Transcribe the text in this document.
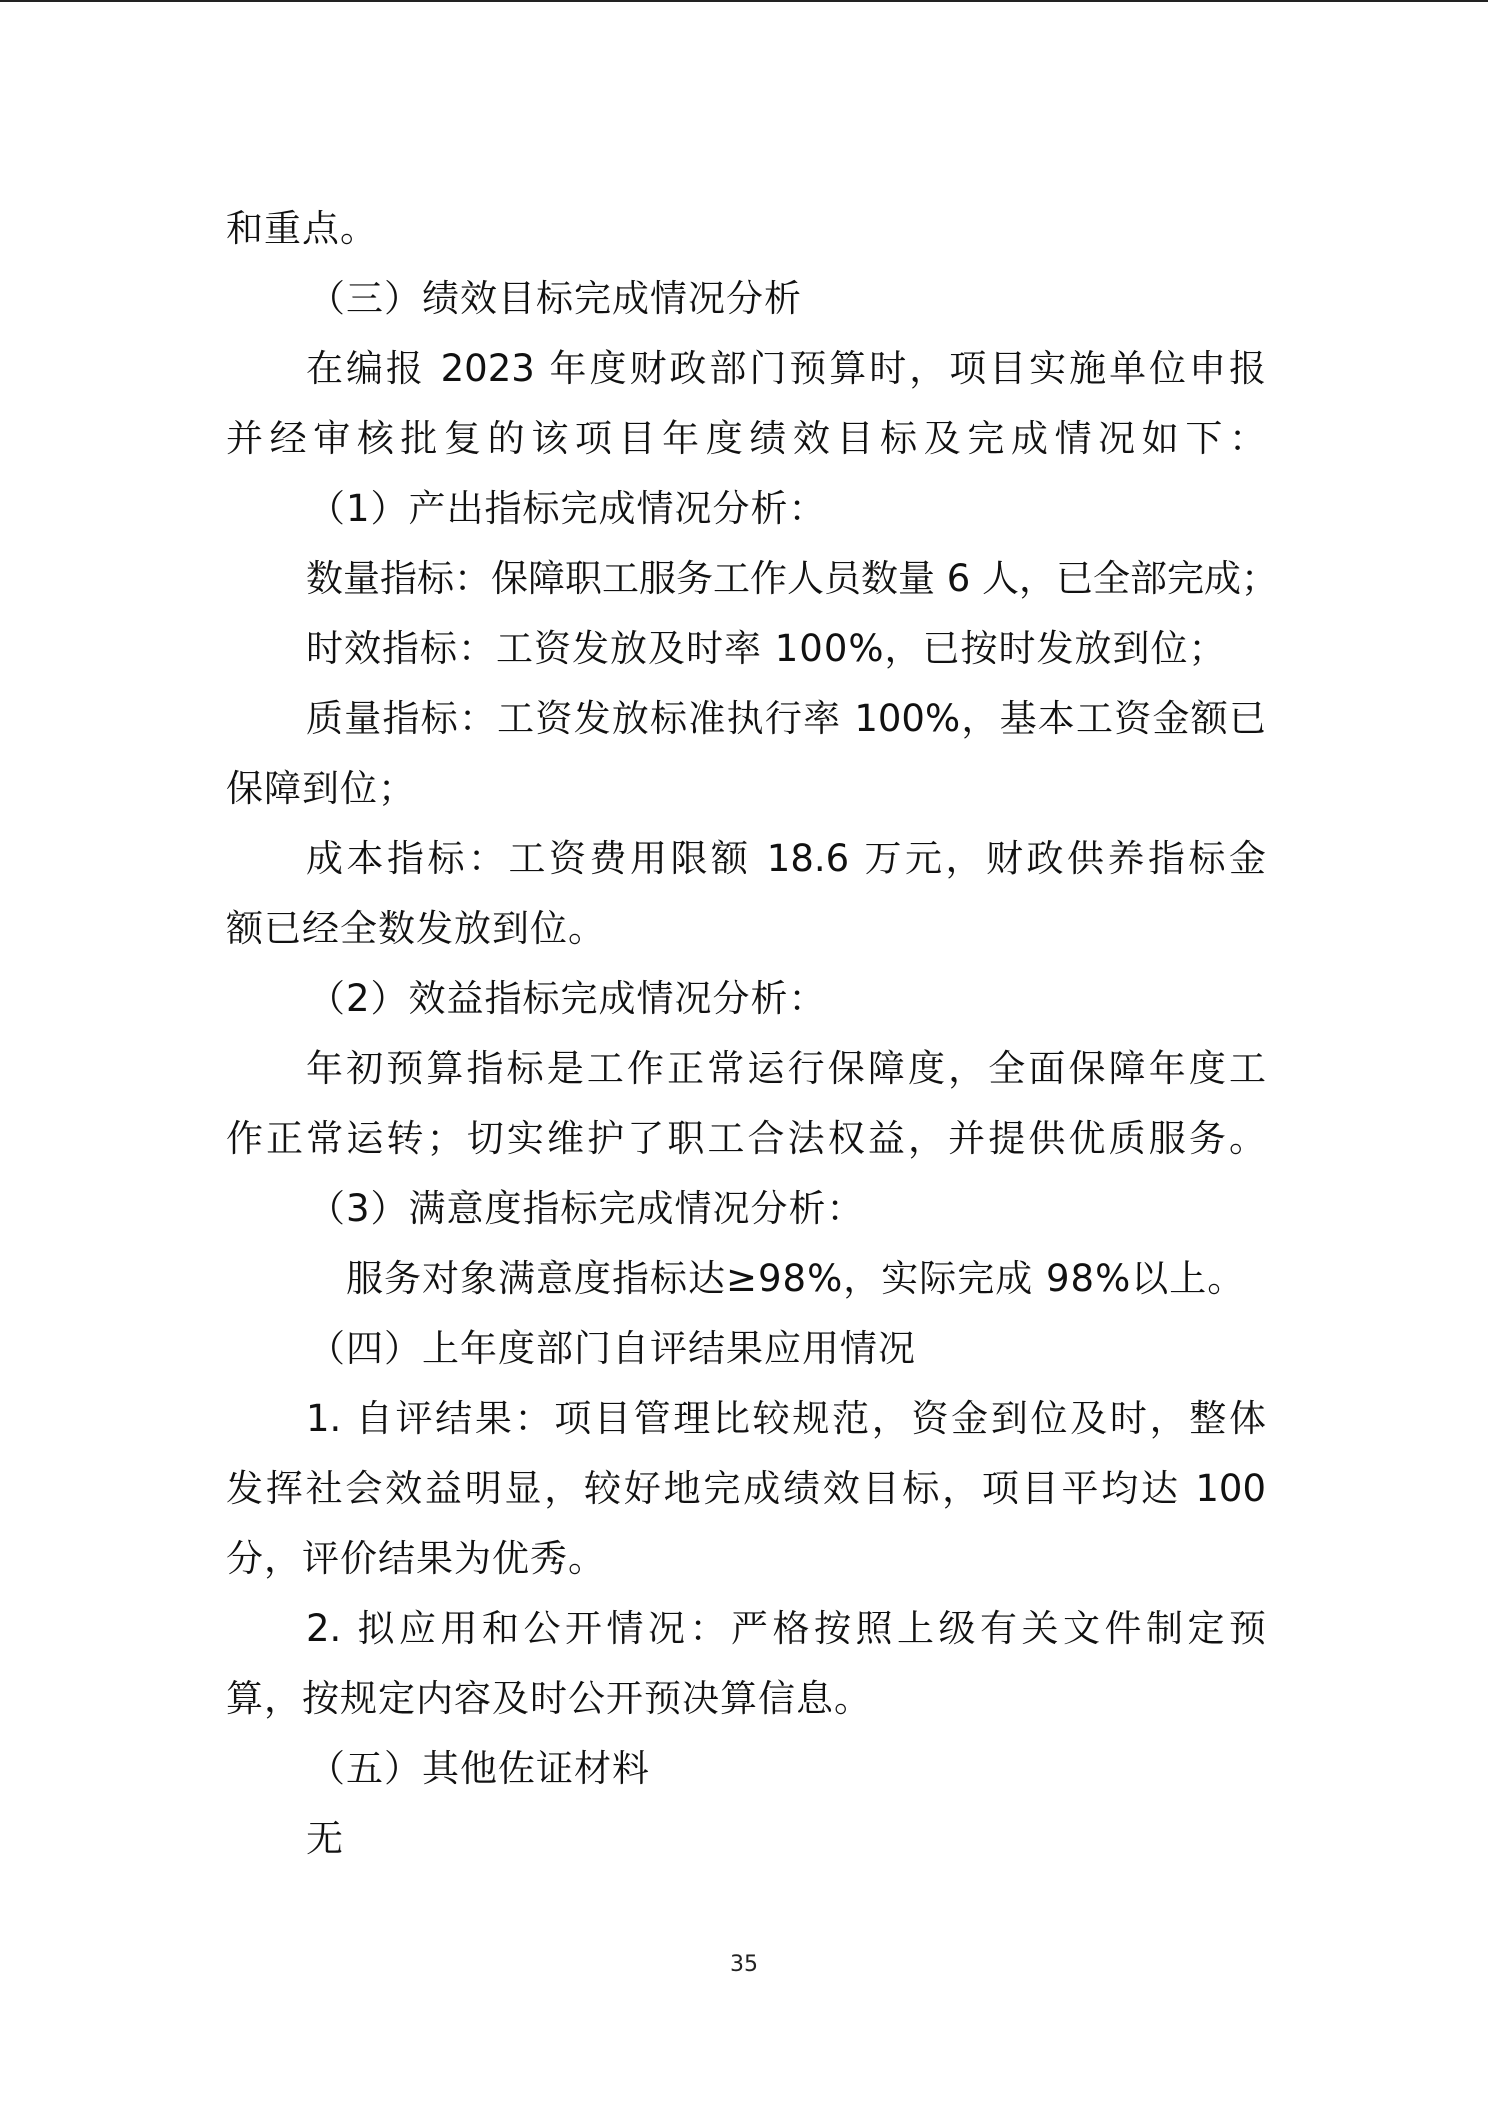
和重点。
（三）绩效目标完成情况分析
在编报 2023 年度财政部门预算时，项目实施单位申报
并经审核批复的该项目年度绩效目标及完成情况如下：
（1）产出指标完成情况分析：
数量指标：保障职工服务工作人员数量 6 人，已全部完成；
时效指标：工资发放及时率 100%，已按时发放到位；
质量指标：工资发放标准执行率 100%，基本工资金额已
保障到位；
成本指标：工资费用限额 18.6 万元，财政供养指标金
额已经全数发放到位。
（2）效益指标完成情况分析：
年初预算指标是工作正常运行保障度，全面保障年度工
作正常运转；切实维护了职工合法权益，并提供优质服务。
（3）满意度指标完成情况分析：
服务对象满意度指标达≥98%，实际完成 98%以上。
（四）上年度部门自评结果应用情况
1. 自评结果：项目管理比较规范，资金到位及时，整体
发挥社会效益明显，较好地完成绩效目标，项目平均达 100
分，评价结果为优秀。
2. 拟应用和公开情况：严格按照上级有关文件制定预
算，按规定内容及时公开预决算信息。
（五）其他佐证材料
无
35
